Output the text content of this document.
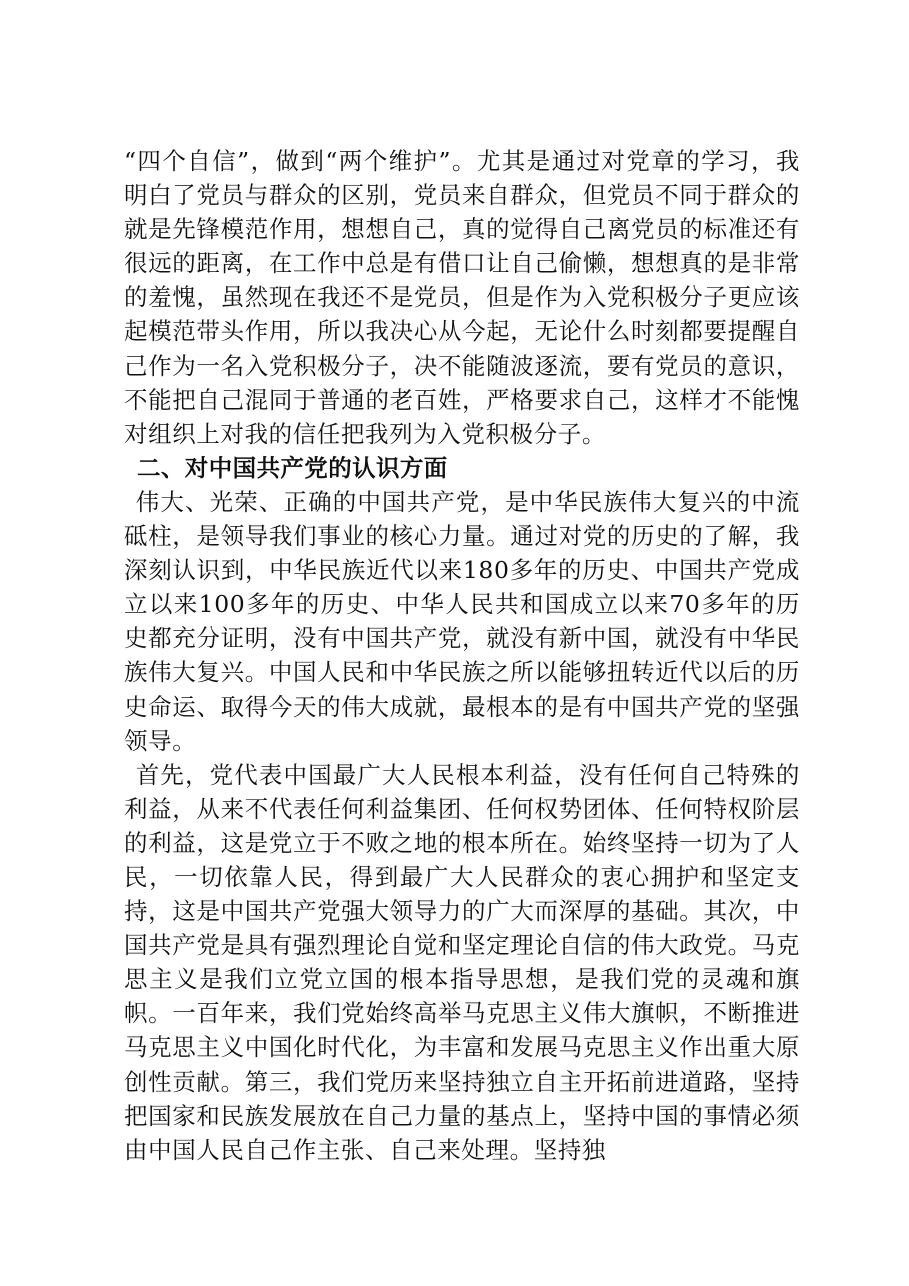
“四个自信”，做到“两个维护”。尤其是通过对党章的学习，我明白了党员与群众的区别，党员来自群众，但党员不同于群众的就是先锋模范作用，想想自己，真的觉得自己离党员的标准还有很远的距离，在工作中总是有借口让自己偷懒，想想真的是非常的羞愧，虽然现在我还不是党员，但是作为入党积极分子更应该起模范带头作用，所以我决心从今起，无论什么时刻都要提醒自己作为一名入党积极分子，决不能随波逐流，要有党员的意识，不能把自己混同于普通的老百姓，严格要求自己，这样才不能愧对组织上对我的信任把我列为入党积极分子。

二、对中国共产党的认识方面

伟大、光荣、正确的中国共产党，是中华民族伟大复兴的中流砥柱，是领导我们事业的核心力量。通过对党的历史的了解，我深刻认识到，中华民族近代以来180多年的历史、中国共产党成立以来100多年的历史、中华人民共和国成立以来70多年的历史都充分证明，没有中国共产党，就没有新中国，就没有中华民族伟大复兴。中国人民和中华民族之所以能够扭转近代以后的历史命运、取得今天的伟大成就，最根本的是有中国共产党的坚强领导。

首先，党代表中国最广大人民根本利益，没有任何自己特殊的利益，从来不代表任何利益集团、任何权势团体、任何特权阶层的利益，这是党立于不败之地的根本所在。始终坚持一切为了人民，一切依靠人民，得到最广大人民群众的衷心拥护和坚定支持，这是中国共产党强大领导力的广大而深厚的基础。其次，中国共产党是具有强烈理论自觉和坚定理论自信的伟大政党。马克思主义是我们立党立国的根本指导思想，是我们党的灵魂和旗帜。一百年来，我们党始终高举马克思主义伟大旗帜，不断推进马克思主义中国化时代化，为丰富和发展马克思主义作出重大原创性贡献。第三，我们党历来坚持独立自主开拓前进道路，坚持把国家和民族发展放在自己力量的基点上，坚持中国的事情必须由中国人民自己作主张、自己来处理。坚持独
